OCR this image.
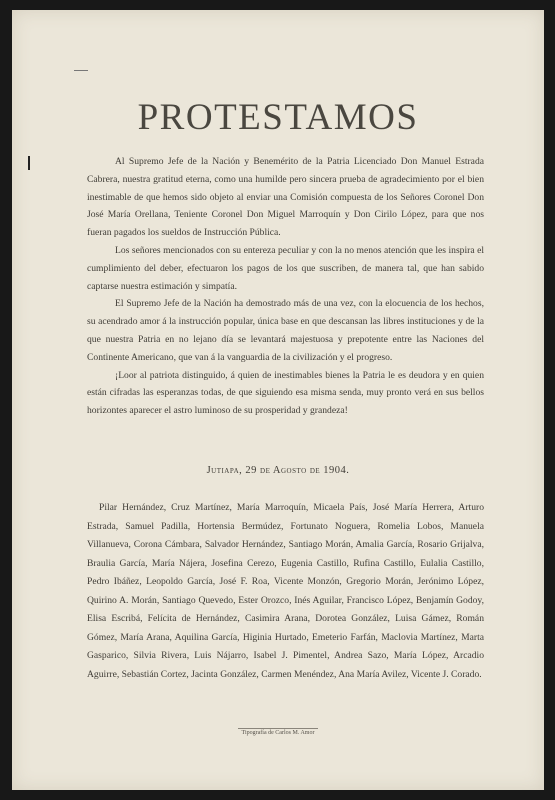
PROTESTAMOS

Al Supremo Jefe de la Nación y Benemérito de la Patria Licenciado Don Manuel Estrada Cabrera, nuestra gratitud eterna, como una humilde pero sincera prueba de agradecimiento por el bien inestimable de que hemos sido objeto al enviar una Comisión compuesta de los Señores Coronel Don José María Orellana, Teniente Coronel Don Miguel Marroquín y Don Cirilo López, para que nos fueran pagados los sueldos de Instrucción Pública.

Los señores mencionados con su entereza peculiar y con la no menos atención que les inspira el cumplimiento del deber, efectuaron los pagos de los que suscriben, de manera tal, que han sabido captarse nuestra estimación y simpatía.

El Supremo Jefe de la Nación ha demostrado más de una vez, con la elocuencia de los hechos, su acendrado amor á la instrucción popular, única base en que descansan las libres instituciones y de la que nuestra Patria en no lejano día se levantará majestuosa y prepotente entre las Naciones del Continente Americano, que van á la vanguardia de la civilización y el progreso.

¡Loor al patriota distinguido, á quien de inestimables bienes la Patria le es deudora y en quien están cifradas las esperanzas todas, de que siguiendo esa misma senda, muy pronto verá en sus bellos horizontes aparecer el astro luminoso de su prosperidad y grandeza!

Jutiapa, 29 de Agosto de 1904.

Pilar Hernández, Cruz Martínez, María Marroquín, Micaela País, José María Herrera, Arturo Estrada, Samuel Padilla, Hortensia Bermúdez, Fortunato Noguera, Romelia Lobos, Manuela Villanueva, Corona Cámbara, Salvador Hernández, Santiago Morán, Amalia García, Rosario Grijalva, Braulia García, María Nájera, Josefina Cerezo, Eugenia Castillo, Rufina Castillo, Eulalia Castillo, Pedro Ibáñez, Leopoldo García, José F. Roa, Vicente Monzón, Gregorio Morán, Jerónimo López, Quirino A. Morán, Santiago Quevedo, Ester Orozco, Inés Aguilar, Francisco López, Benjamín Godoy, Elisa Escribá, Felícita de Hernández, Casimira Arana, Dorotea González, Luisa Gámez, Román Gómez, María Arana, Aquilina García, Higinia Hurtado, Emeterio Farfán, Maclovia Martínez, Marta Gasparico, Silvia Rivera, Luis Nájarro, Isabel J. Pimentel, Andrea Sazo, María López, Arcadio Aguirre, Sebastián Cortez, Jacinta González, Carmen Menéndez, Ana María Avilez, Vicente J. Corado.

Tipografía de Carlos M. Amor
